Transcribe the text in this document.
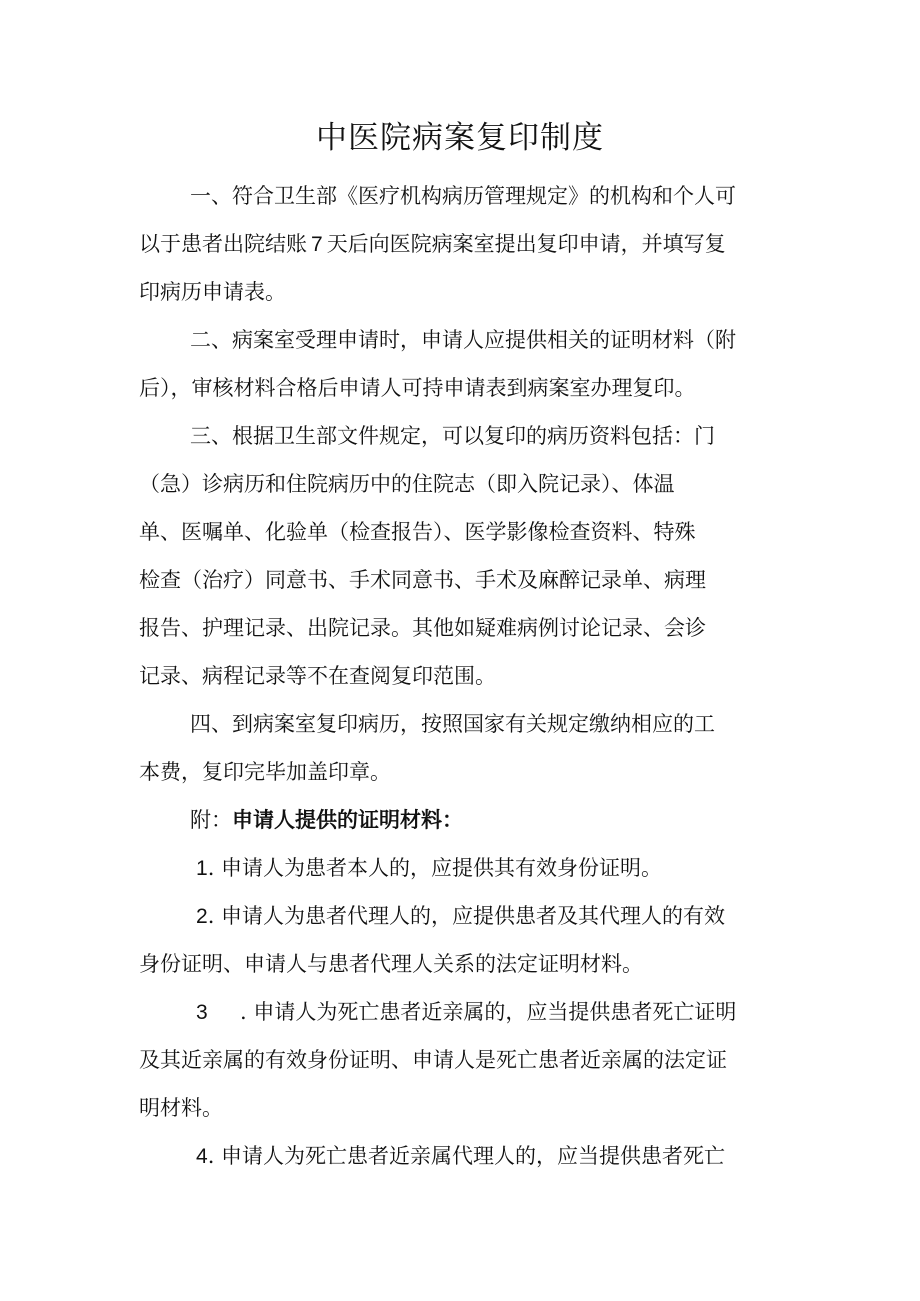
中医院病案复印制度

一、符合卫生部《医疗机构病历管理规定》的机构和个人可

以于患者出院结账 7 天后向医院病案室提出复印申请，并填写复

印病历申请表。

二、病案室受理申请时，申请人应提供相关的证明材料（附

后），审核材料合格后申请人可持申请表到病案室办理复印。

三、根据卫生部文件规定，可以复印的病历资料包括：门

（急）诊病历和住院病历中的住院志（即入院记录）、体温

单、医嘱单、化验单（检查报告）、医学影像检查资料、特殊

检查（治疗）同意书、手术同意书、手术及麻醉记录单、病理

报告、护理记录、出院记录。其他如疑难病例讨论记录、会诊

记录、病程记录等不在查阅复印范围。

四、到病案室复印病历，按照国家有关规定缴纳相应的工

本费，复印完毕加盖印章。

附：申请人提供的证明材料：

1. 申请人为患者本人的，应提供其有效身份证明。

2. 申请人为患者代理人的，应提供患者及其代理人的有效

身份证明、申请人与患者代理人关系的法定证明材料。

3 . 申请人为死亡患者近亲属的，应当提供患者死亡证明

及其近亲属的有效身份证明、申请人是死亡患者近亲属的法定证

明材料。

4. 申请人为死亡患者近亲属代理人的，应当提供患者死亡
